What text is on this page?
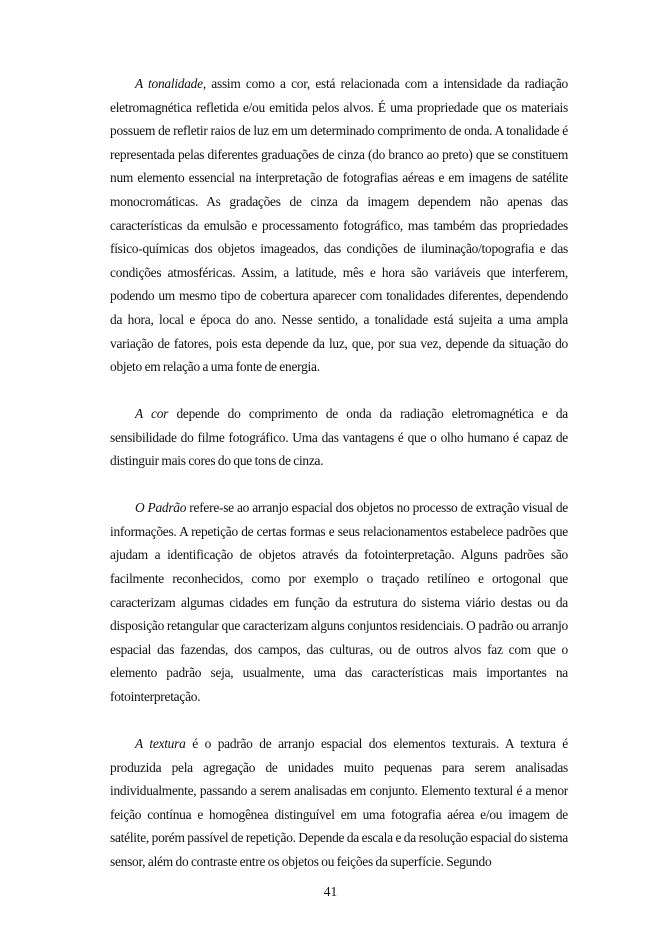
A tonalidade, assim como a cor, está relacionada com a intensidade da radiação eletromagnética refletida e/ou emitida pelos alvos. É uma propriedade que os materiais possuem de refletir raios de luz em um determinado comprimento de onda. A tonalidade é representada pelas diferentes graduações de cinza (do branco ao preto) que se constituem num elemento essencial na interpretação de fotografias aéreas e em imagens de satélite monocromáticas. As gradações de cinza da imagem dependem não apenas das características da emulsão e processamento fotográfico, mas também das propriedades físico-químicas dos objetos imageados, das condições de iluminação/topografia e das condições atmosféricas. Assim, a latitude, mês e hora são variáveis que interferem, podendo um mesmo tipo de cobertura aparecer com tonalidades diferentes, dependendo da hora, local e época do ano. Nesse sentido, a tonalidade está sujeita a uma ampla variação de fatores, pois esta depende da luz, que, por sua vez, depende da situação do objeto em relação a uma fonte de energia.

A cor depende do comprimento de onda da radiação eletromagnética e da sensibilidade do filme fotográfico. Uma das vantagens é que o olho humano é capaz de distinguir mais cores do que tons de cinza.

O Padrão refere-se ao arranjo espacial dos objetos no processo de extração visual de informações. A repetição de certas formas e seus relacionamentos estabelece padrões que ajudam a identificação de objetos através da fotointerpretação. Alguns padrões são facilmente reconhecidos, como por exemplo o traçado retilíneo e ortogonal que caracterizam algumas cidades em função da estrutura do sistema viário destas ou da disposição retangular que caracterizam alguns conjuntos residenciais. O padrão ou arranjo espacial das fazendas, dos campos, das culturas, ou de outros alvos faz com que o elemento padrão seja, usualmente, uma das características mais importantes na fotointerpretação.

A textura é o padrão de arranjo espacial dos elementos texturais. A textura é produzida pela agregação de unidades muito pequenas para serem analisadas individualmente, passando a serem analisadas em conjunto. Elemento textural é a menor feição contínua e homogênea distinguível em uma fotografia aérea e/ou imagem de satélite, porém passível de repetição. Depende da escala e da resolução espacial do sistema sensor, além do contraste entre os objetos ou feições da superfície. Segundo

41
